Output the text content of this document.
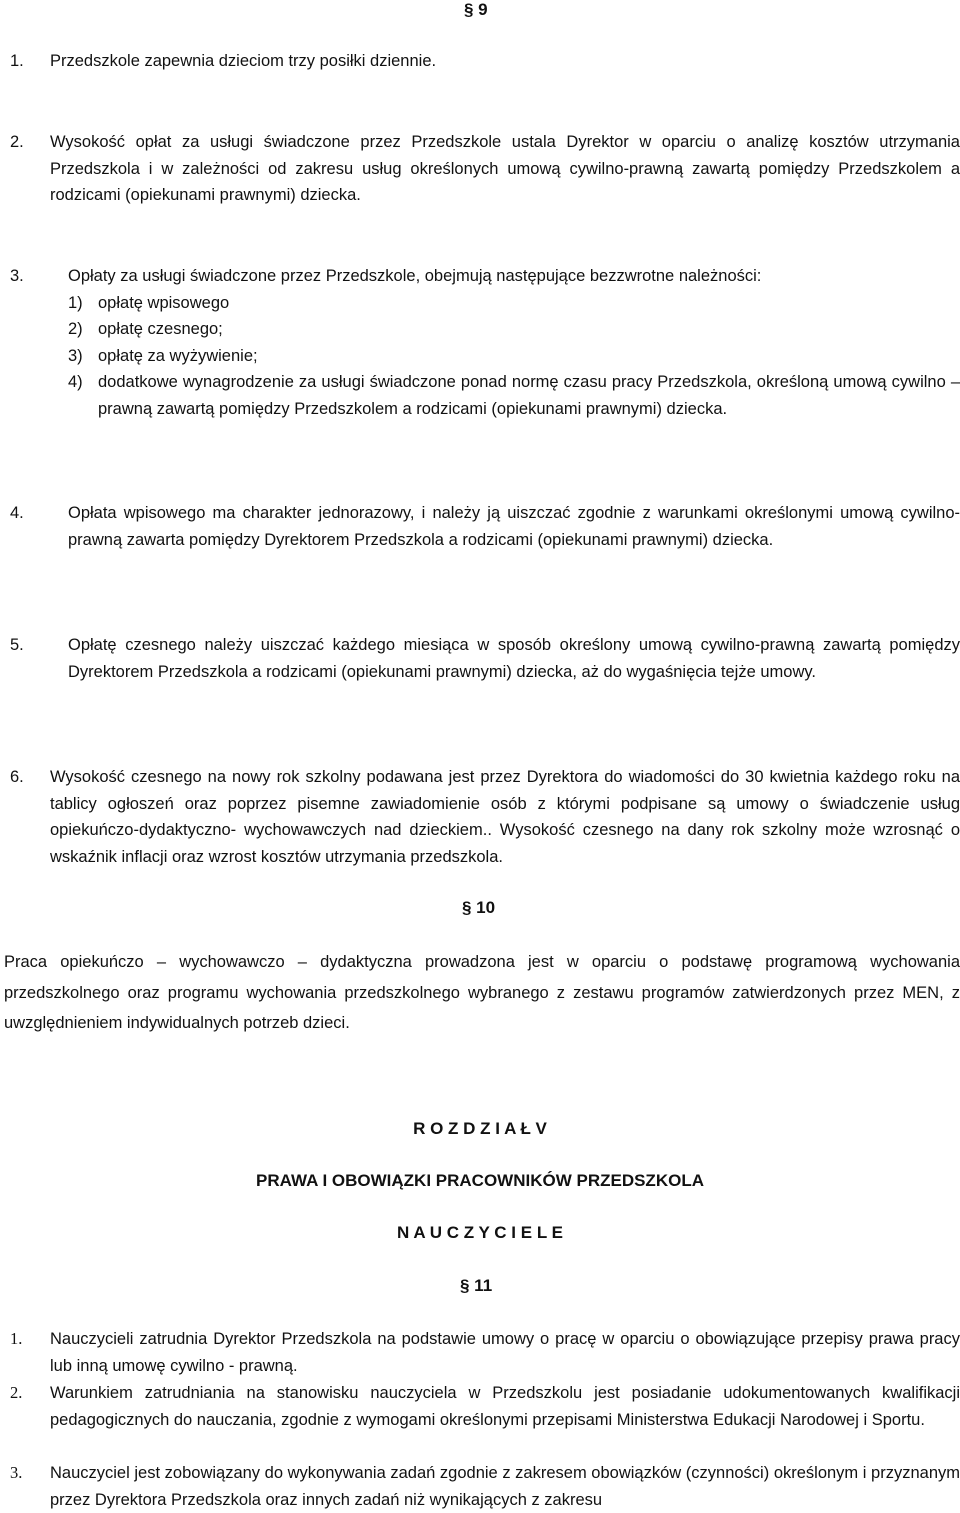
§ 9
1. Przedszkole zapewnia dzieciom trzy posiłki dziennie.
2. Wysokość opłat za usługi świadczone przez Przedszkole ustala Dyrektor w oparciu o analizę kosztów utrzymania Przedszkola i w zależności od zakresu usług określonych umową cywilno-prawną zawartą pomiędzy Przedszkolem a rodzicami (opiekunami prawnymi) dziecka.
3.	Opłaty za usługi świadczone przez Przedszkole, obejmują następujące bezzwrotne należności:
1) opłatę wpisowego
2) opłatę czesnego;
3) opłatę za wyżywienie;
4) dodatkowe wynagrodzenie za usługi świadczone ponad normę czasu pracy Przedszkola, określoną umową cywilno – prawną zawartą pomiędzy Przedszkolem a rodzicami (opiekunami prawnymi) dziecka.
4.	Opłata wpisowego ma charakter jednorazowy, i należy ją uiszczać zgodnie z warunkami określonymi umową cywilno-prawną zawarta pomiędzy Dyrektorem Przedszkola a rodzicami (opiekunami prawnymi) dziecka.
5.	Opłatę czesnego należy uiszczać każdego miesiąca w sposób określony umową cywilno-prawną zawartą pomiędzy Dyrektorem Przedszkola a rodzicami (opiekunami prawnymi) dziecka, aż do wygaśnięcia tejże umowy.
6. Wysokość czesnego na nowy rok szkolny podawana jest przez Dyrektora do wiadomości do 30 kwietnia każdego roku na tablicy ogłoszeń oraz poprzez pisemne zawiadomienie osób z którymi podpisane są umowy o świadczenie usług opiekuńczo-dydaktyczno- wychowawczych nad dzieckiem.. Wysokość czesnego na dany rok szkolny może wzrosnąć o wskaźnik inflacji oraz wzrost kosztów utrzymania przedszkola.
§ 10
Praca opiekuńczo – wychowawczo – dydaktyczna prowadzona jest w oparciu o podstawę programową wychowania przedszkolnego oraz programu wychowania przedszkolnego wybranego z zestawu programów zatwierdzonych przez MEN, z uwzględnieniem indywidualnych potrzeb dzieci.
R O Z D Z I A Ł V
PRAWA I OBOWIĄZKI PRACOWNIKÓW PRZEDSZKOLA
N A U C Z Y C I E L E
§ 11
1. Nauczycieli zatrudnia Dyrektor Przedszkola na podstawie umowy o pracę w oparciu o obowiązujące przepisy prawa pracy lub inną umowę cywilno - prawną.
2. Warunkiem zatrudniania na stanowisku nauczyciela w Przedszkolu jest posiadanie udokumentowanych kwalifikacji pedagogicznych do nauczania, zgodnie z wymogami określonymi przepisami Ministerstwa Edukacji Narodowej i Sportu.
3. Nauczyciel jest zobowiązany do wykonywania zadań zgodnie z zakresem obowiązków (czynności) określonym i przyznanym przez Dyrektora Przedszkola oraz innych zadań niż wynikających z zakresu
